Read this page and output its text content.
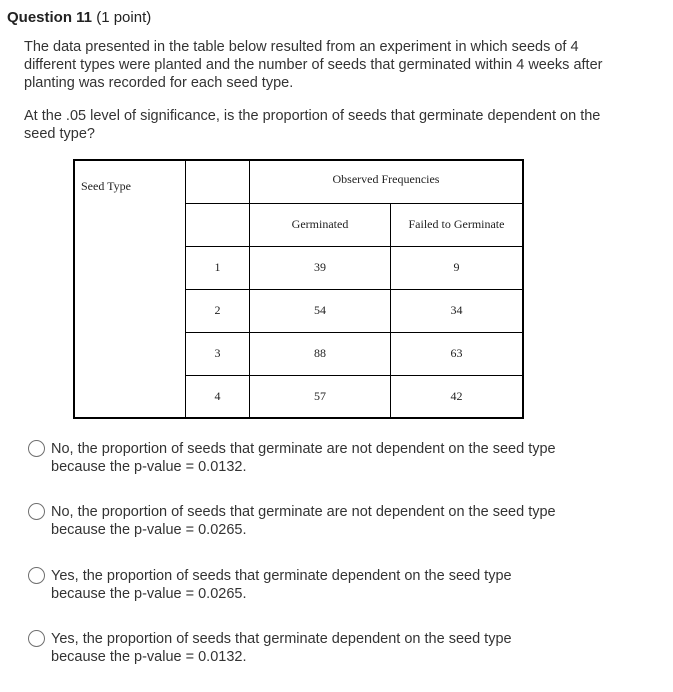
Question 11 (1 point)
The data presented in the table below resulted from an experiment in which seeds of 4 different types were planted and the number of seeds that germinated within 4 weeks after planting was recorded for each seed type.
At the .05 level of significance, is the proportion of seeds that germinate dependent on the seed type?
Seed Type		Observed Frequencies	
		Germinated	Failed to Germinate
	1	39	9
	2	54	34
	3	88	63
	4	57	42
No, the proportion of seeds that germinate are not dependent on the seed type
because the p-value = 0.0132.
No, the proportion of seeds that germinate are not dependent on the seed type
because the p-value = 0.0265.
Yes, the proportion of seeds that germinate dependent on the seed type
because the p-value = 0.0265.
Yes, the proportion of seeds that germinate dependent on the seed type
because the p-value = 0.0132.
